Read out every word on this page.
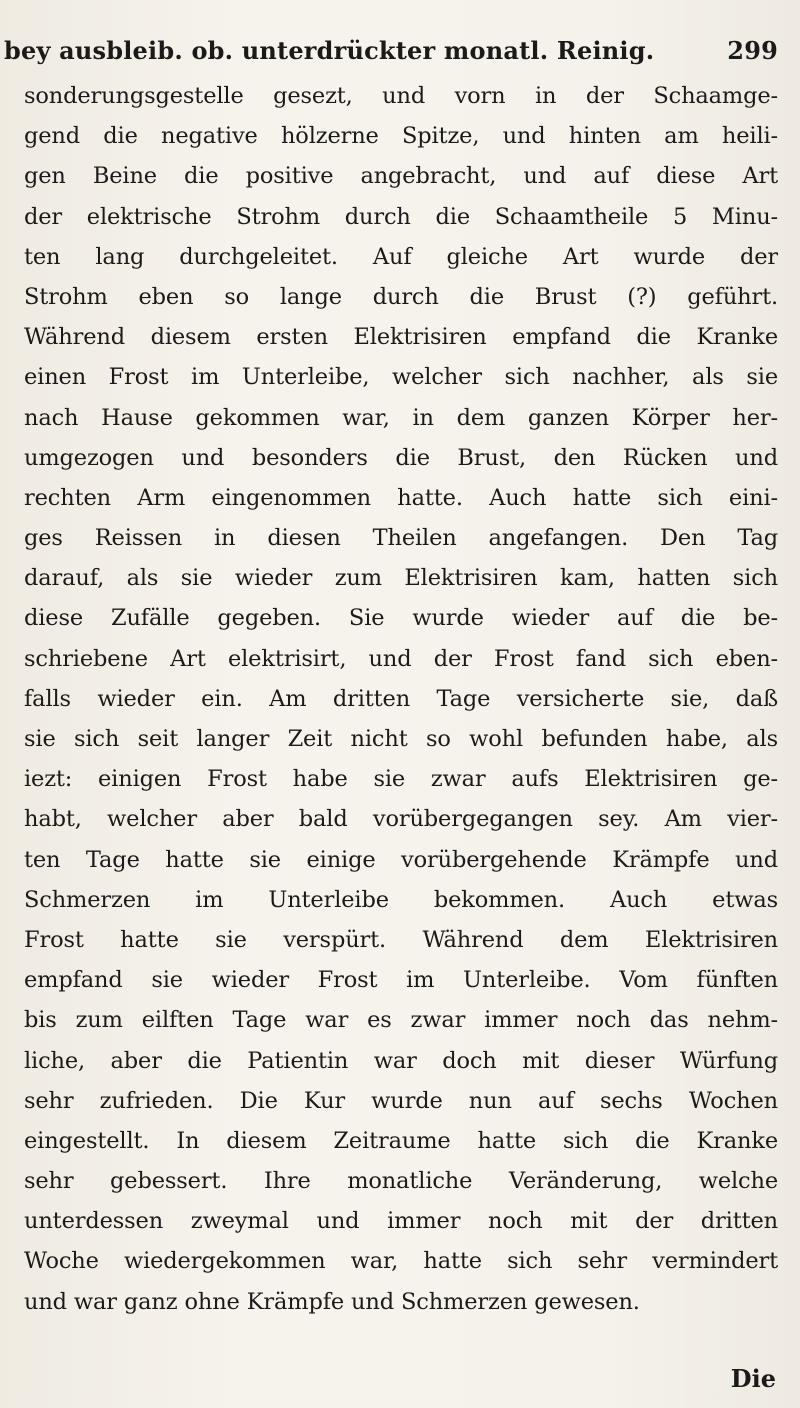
bey ausbleib. ob. unterdrückter monatl. Reinig.	299
sonderungsgestelle gesezt, und vorn in der Schaamge-
gend die negative hölzerne Spitze, und hinten am heili-
gen Beine die positive angebracht, und auf diese Art
der elektrische Strohm durch die Schaamtheile 5 Minu-
ten lang durchgeleitet. Auf gleiche Art wurde der
Strohm eben so lange durch die Brust (?) geführt.
Während diesem ersten Elektrisiren empfand die Kranke
einen Frost im Unterleibe, welcher sich nachher, als sie
nach Hause gekommen war, in dem ganzen Körper her-
umgezogen und besonders die Brust, den Rücken und
rechten Arm eingenommen hatte. Auch hatte sich eini-
ges Reissen in diesen Theilen angefangen. Den Tag
darauf, als sie wieder zum Elektrisiren kam, hatten sich
diese Zufälle gegeben. Sie wurde wieder auf die be-
schriebene Art elektrisirt, und der Frost fand sich eben-
falls wieder ein. Am dritten Tage versicherte sie, daß
sie sich seit langer Zeit nicht so wohl befunden habe, als
iezt: einigen Frost habe sie zwar aufs Elektrisiren ge-
habt, welcher aber bald vorübergegangen sey. Am vier-
ten Tage hatte sie einige vorübergehende Krämpfe und
Schmerzen im Unterleibe bekommen. Auch etwas
Frost hatte sie verspürt. Während dem Elektrisiren
empfand sie wieder Frost im Unterleibe. Vom fünften
bis zum eilften Tage war es zwar immer noch das nehm-
liche, aber die Patientin war doch mit dieser Würfung
sehr zufrieden. Die Kur wurde nun auf sechs Wochen
eingestellt. In diesem Zeitraume hatte sich die Kranke
sehr gebessert. Ihre monatliche Veränderung, welche
unterdessen zweymal und immer noch mit der dritten
Woche wiedergekommen war, hatte sich sehr vermindert
und war ganz ohne Krämpfe und Schmerzen gewesen.
Die
